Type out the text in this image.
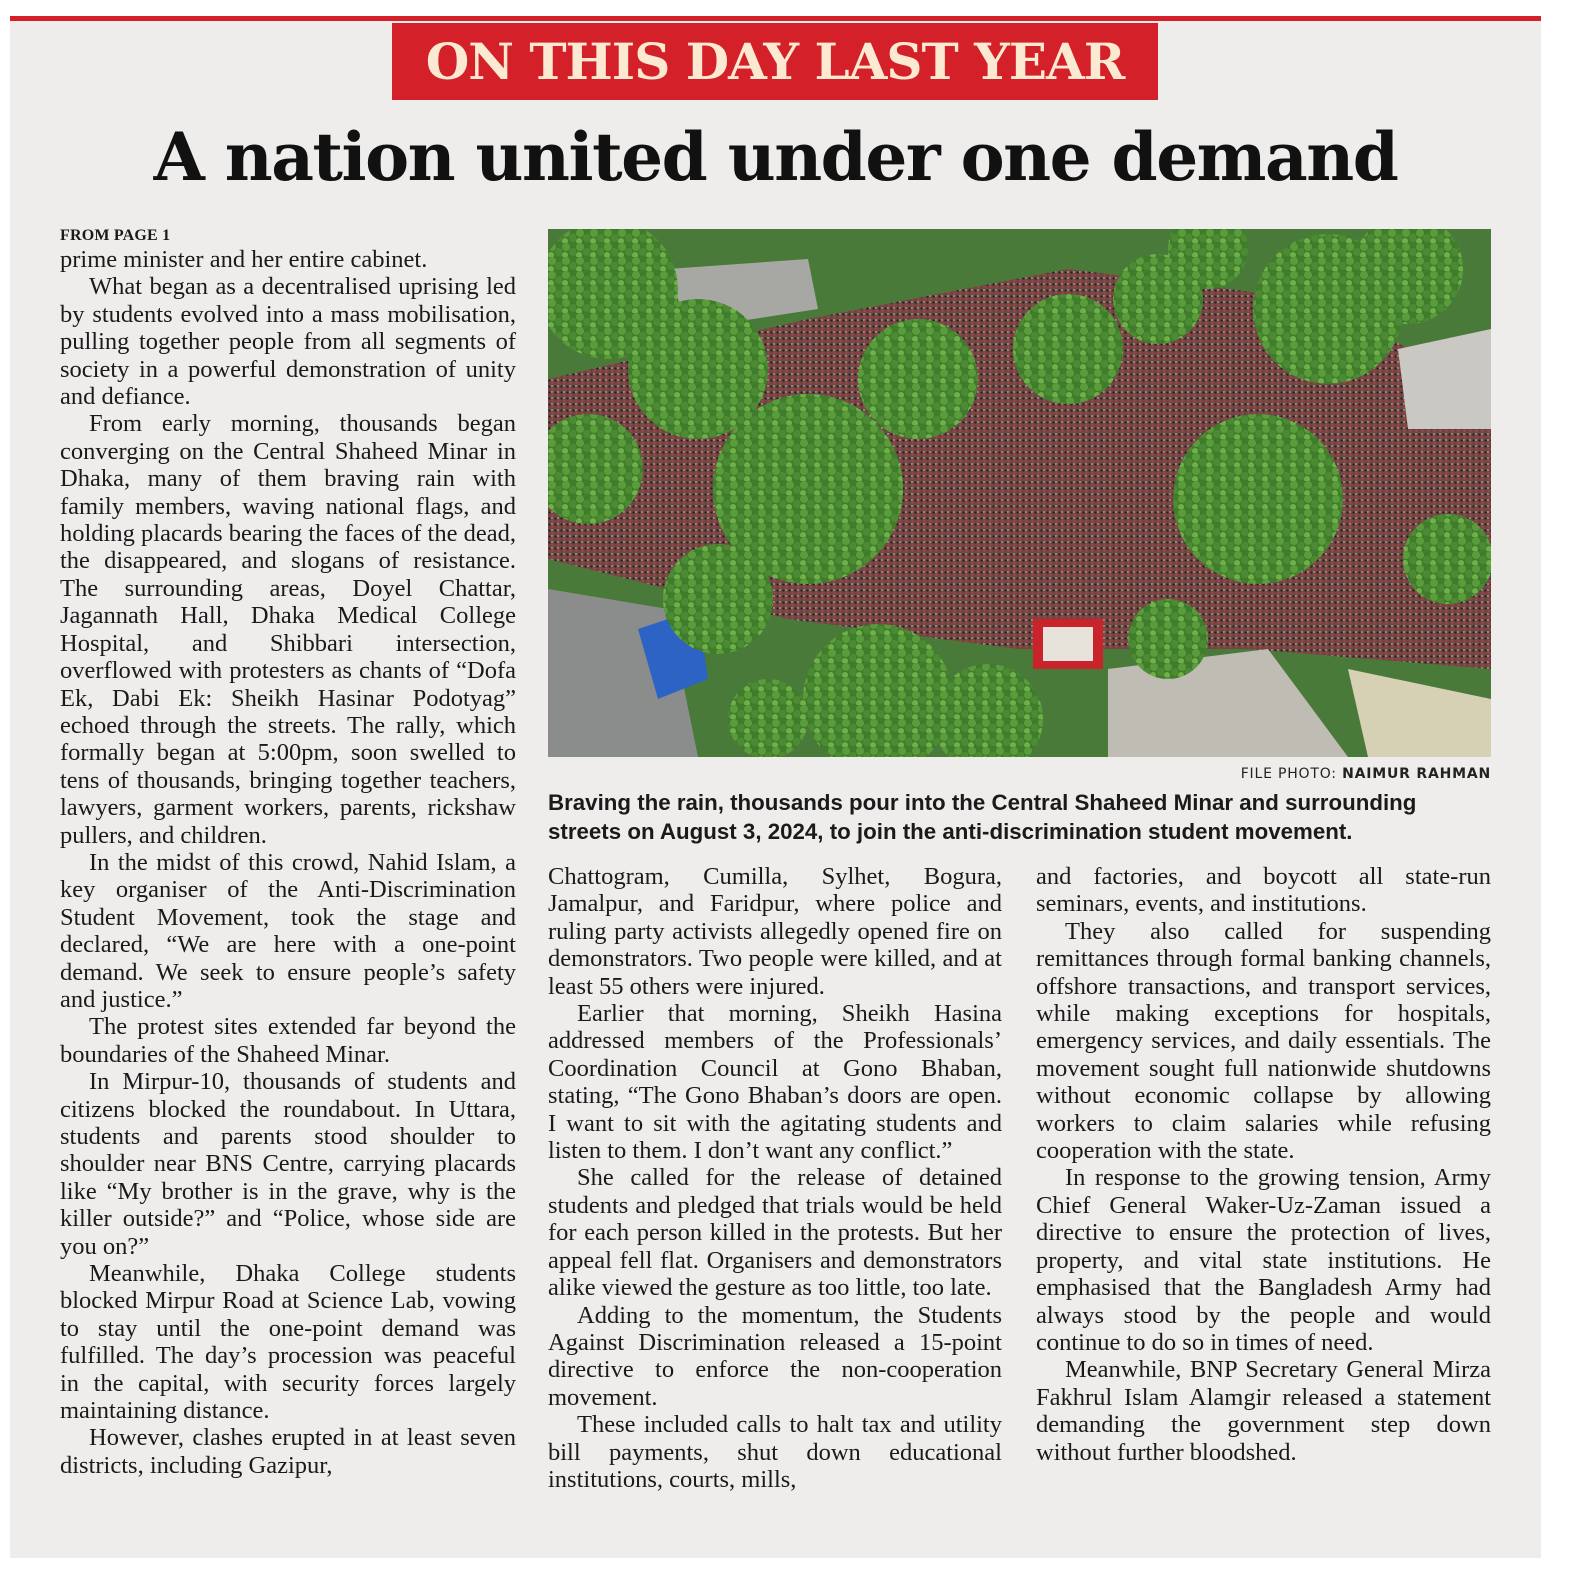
ON THIS DAY LAST YEAR
A nation united under one demand
FROM PAGE 1

prime minister and her entire cabinet.

What began as a decentralised uprising led by students evolved into a mass mobilisation, pulling together people from all segments of society in a powerful demonstration of unity and defiance.

From early morning, thousands began converging on the Central Shaheed Minar in Dhaka, many of them braving rain with family members, waving national flags, and holding placards bearing the faces of the dead, the disappeared, and slogans of resistance. The surrounding areas, Doyel Chattar, Jagannath Hall, Dhaka Medical College Hospital, and Shibbari intersection, overflowed with protesters as chants of “Dofa Ek, Dabi Ek: Sheikh Hasinar Podotyag” echoed through the streets. The rally, which formally began at 5:00pm, soon swelled to tens of thousands, bringing together teachers, lawyers, garment workers, parents, rickshaw pullers, and children.

In the midst of this crowd, Nahid Islam, a key organiser of the Anti-Discrimination Student Movement, took the stage and declared, “We are here with a one-point demand. We seek to ensure people’s safety and justice.”

The protest sites extended far beyond the boundaries of the Shaheed Minar.

In Mirpur-10, thousands of students and citizens blocked the roundabout. In Uttara, students and parents stood shoulder to shoulder near BNS Centre, carrying placards like “My brother is in the grave, why is the killer outside?” and “Police, whose side are you on?”

Meanwhile, Dhaka College students blocked Mirpur Road at Science Lab, vowing to stay until the one-point demand was fulfilled. The day’s procession was peaceful in the capital, with security forces largely maintaining distance.

However, clashes erupted in at least seven districts, including Gazipur,

FILE PHOTO: NAIMUR RAHMAN

Braving the rain, thousands pour into the Central Shaheed Minar and surrounding streets on August 3, 2024, to join the anti-discrimination student movement.

Chattogram, Cumilla, Sylhet, Bogura, Jamalpur, and Faridpur, where police and ruling party activists allegedly opened fire on demonstrators. Two people were killed, and at least 55 others were injured.

Earlier that morning, Sheikh Hasina addressed members of the Professionals’ Coordination Council at Gono Bhaban, stating, “The Gono Bhaban’s doors are open. I want to sit with the agitating students and listen to them. I don’t want any conflict.”

She called for the release of detained students and pledged that trials would be held for each person killed in the protests. But her appeal fell flat. Organisers and demonstrators alike viewed the gesture as too little, too late.

Adding to the momentum, the Students Against Discrimination released a 15-point directive to enforce the non-cooperation movement.

These included calls to halt tax and utility bill payments, shut down educational institutions, courts, mills,

and factories, and boycott all state-run seminars, events, and institutions.

They also called for suspending remittances through formal banking channels, offshore transactions, and transport services, while making exceptions for hospitals, emergency services, and daily essentials. The movement sought full nationwide shutdowns without economic collapse by allowing workers to claim salaries while refusing cooperation with the state.

In response to the growing tension, Army Chief General Waker-Uz-Zaman issued a directive to ensure the protection of lives, property, and vital state institutions. He emphasised that the Bangladesh Army had always stood by the people and would continue to do so in times of need.

Meanwhile, BNP Secretary General Mirza Fakhrul Islam Alamgir released a statement demanding the government step down without further bloodshed.
